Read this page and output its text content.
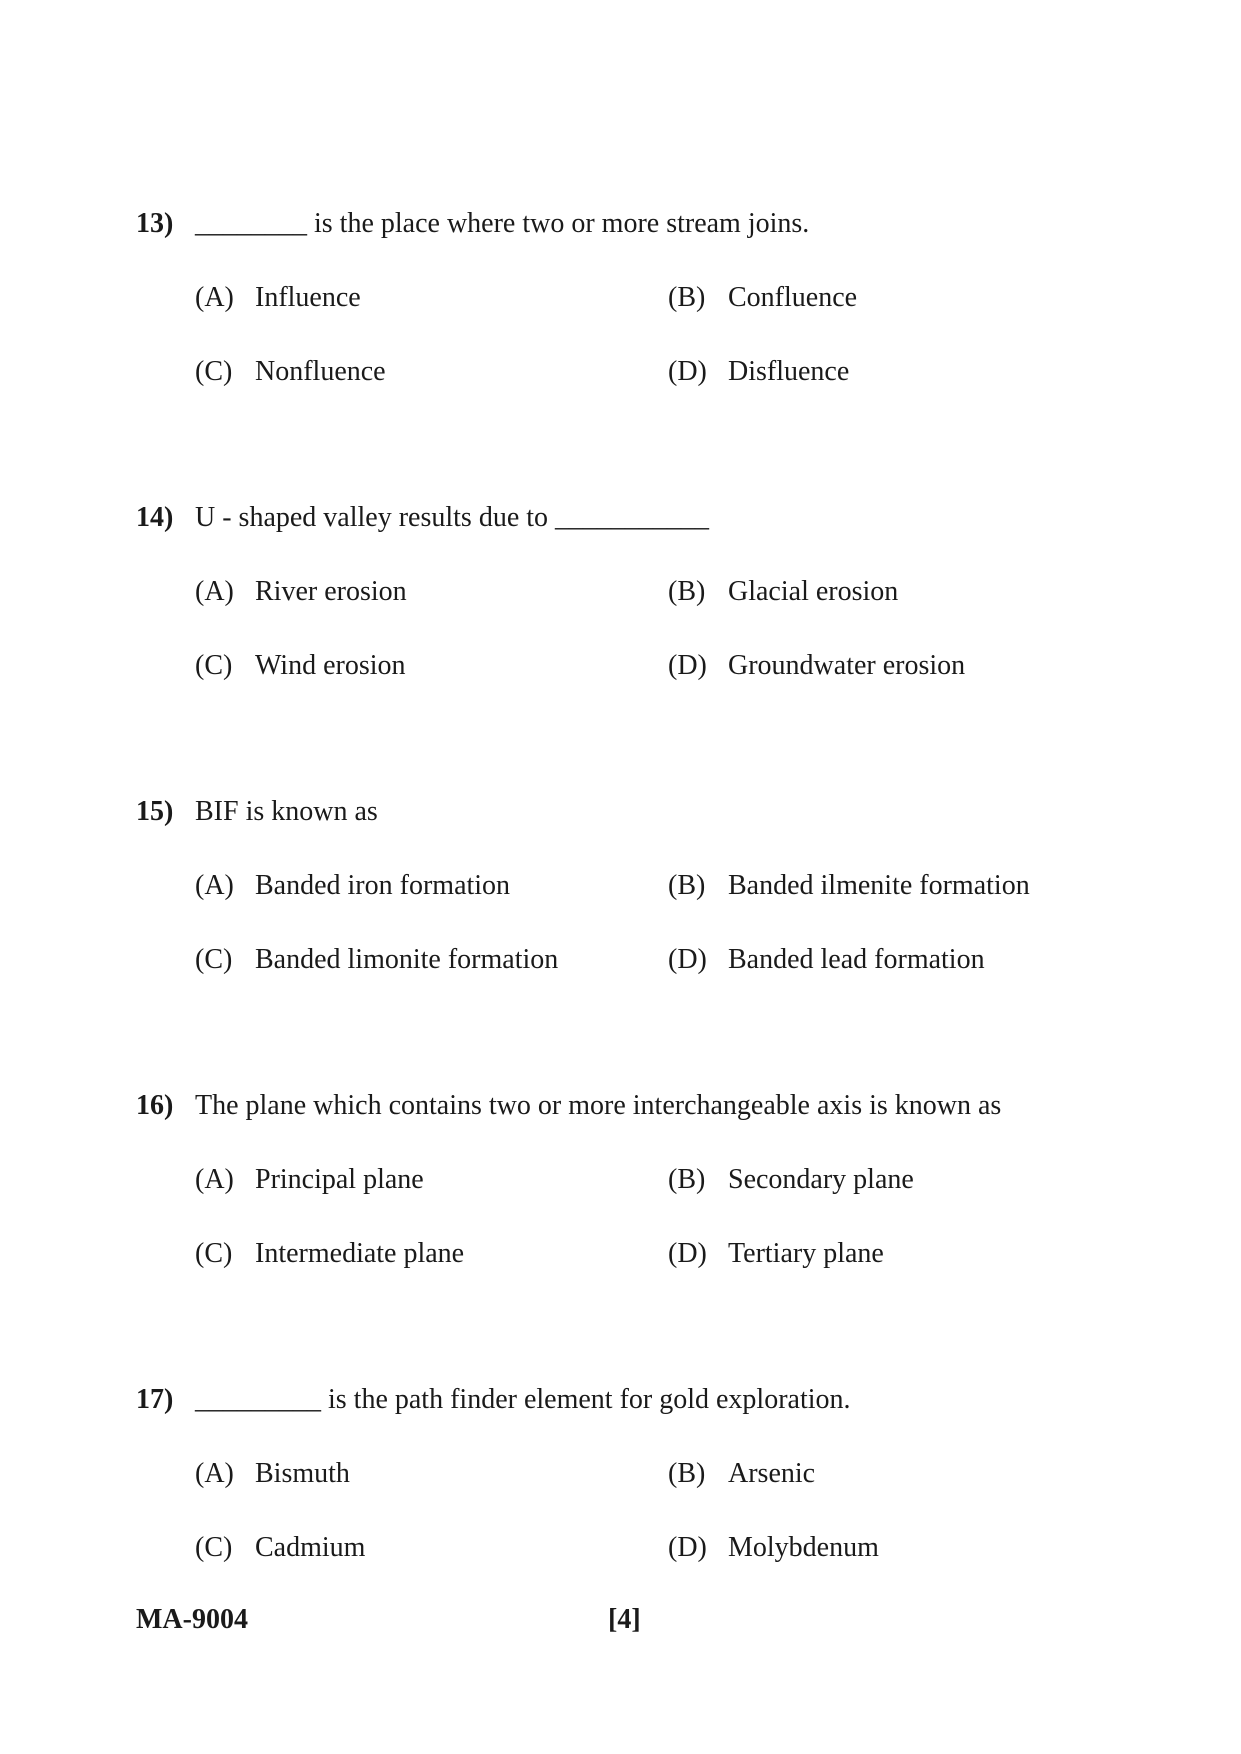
13) ________ is the place where two or more stream joins.
(A) Influence	(B) Confluence
(C) Nonfluence	(D) Disfluence
14) U - shaped valley results due to ___________
(A) River erosion	(B) Glacial erosion
(C) Wind erosion	(D) Groundwater erosion
15) BIF is known as
(A) Banded iron formation	(B) Banded ilmenite formation
(C) Banded limonite formation	(D) Banded lead formation
16) The plane which contains two or more interchangeable axis is known as
(A) Principal plane	(B) Secondary plane
(C) Intermediate plane	(D) Tertiary plane
17) _________ is the path finder element for gold exploration.
(A) Bismuth	(B) Arsenic
(C) Cadmium	(D) Molybdenum
MA-9004	[4]
